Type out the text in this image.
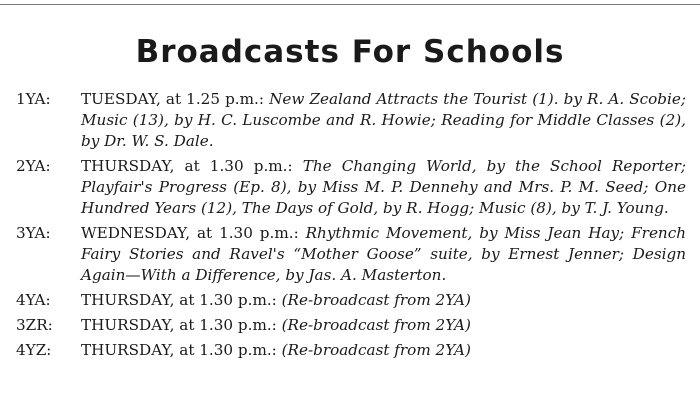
Broadcasts For Schools
1YA:	TUESDAY, at 1.25 p.m.: New Zealand Attracts the Tourist (1). by R. A. Scobie; Music (13), by H. C. Luscombe and R. Howie; Reading for Middle Classes (2), by Dr. W. S. Dale.
2YA:	THURSDAY, at 1.30 p.m.: The Changing World, by the School Reporter; Playfair's Progress (Ep. 8), by Miss M. P. Dennehy and Mrs. P. M. Seed; One Hundred Years (12), The Days of Gold, by R. Hogg; Music (8), by T. J. Young.
3YA:	WEDNESDAY, at 1.30 p.m.: Rhythmic Movement, by Miss Jean Hay; French Fairy Stories and Ravel's “Mother Goose” suite, by Ernest Jenner; Design Again—With a Difference, by Jas. A. Masterton.
4YA:	THURSDAY, at 1.30 p.m.: (Re-broadcast from 2YA)
3ZR:	THURSDAY, at 1.30 p.m.: (Re-broadcast from 2YA)
4YZ:	THURSDAY, at 1.30 p.m.: (Re-broadcast from 2YA)
